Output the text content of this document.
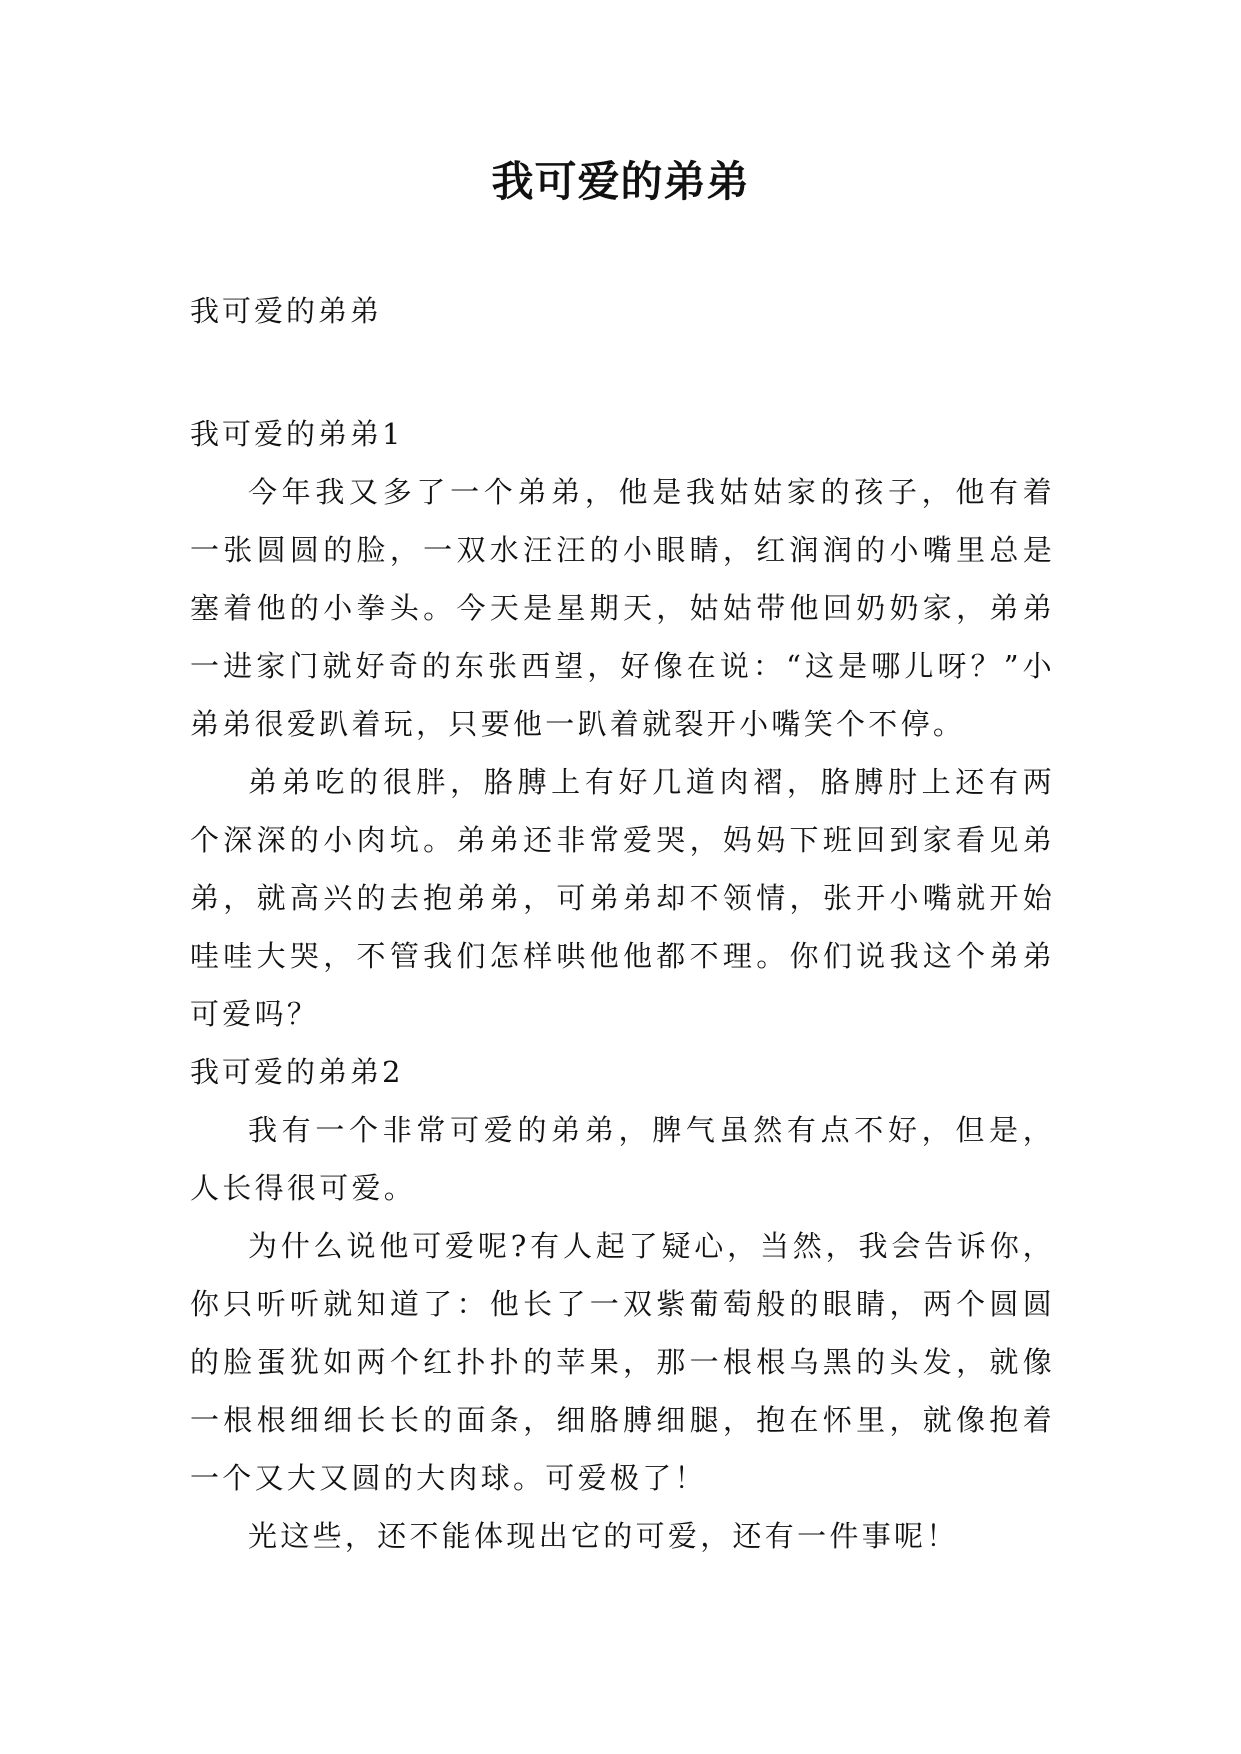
我可爱的弟弟

我可爱的弟弟

我可爱的弟弟1

今年我又多了一个弟弟，他是我姑姑家的孩子，他有着一张圆圆的脸，一双水汪汪的小眼睛，红润润的小嘴里总是塞着他的小拳头。今天是星期天，姑姑带他回奶奶家，弟弟一进家门就好奇的东张西望，好像在说：“这是哪儿呀？”小弟弟很爱趴着玩，只要他一趴着就裂开小嘴笑个不停。

弟弟吃的很胖，胳膊上有好几道肉褶，胳膊肘上还有两个深深的小肉坑。弟弟还非常爱哭，妈妈下班回到家看见弟弟，就高兴的去抱弟弟，可弟弟却不领情，张开小嘴就开始哇哇大哭，不管我们怎样哄他他都不理。你们说我这个弟弟可爱吗？

我可爱的弟弟2

我有一个非常可爱的弟弟，脾气虽然有点不好，但是，人长得很可爱。

为什么说他可爱呢?有人起了疑心，当然，我会告诉你，你只听听就知道了：他长了一双紫葡萄般的眼睛，两个圆圆的脸蛋犹如两个红扑扑的苹果，那一根根乌黑的头发，就像一根根细细长长的面条，细胳膊细腿，抱在怀里，就像抱着一个又大又圆的大肉球。可爱极了！

光这些，还不能体现出它的可爱，还有一件事呢！
